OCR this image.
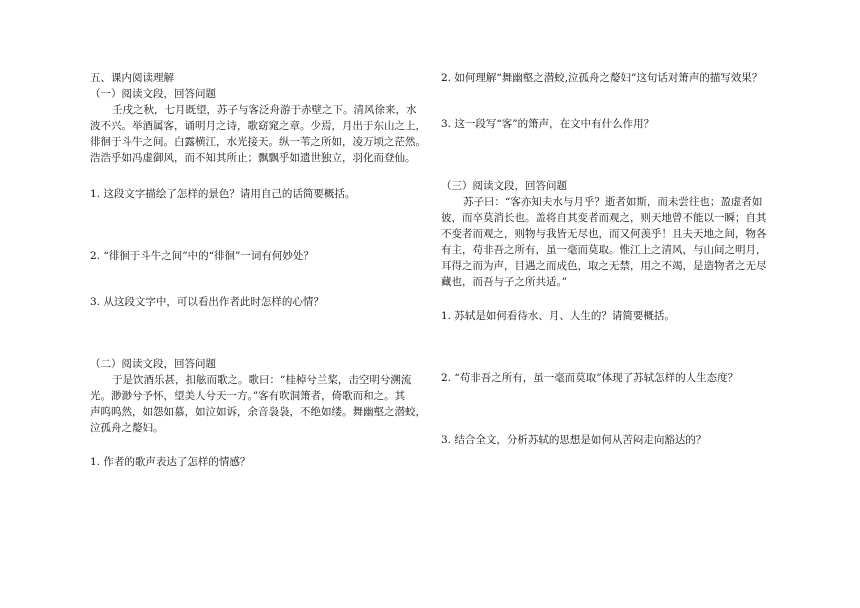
五、课内阅读理解
（一）阅读文段，回答问题
壬戌之秋，七月既望，苏子与客泛舟游于赤壁之下。清风徐来，水
波不兴。举酒属客，诵明月之诗，歌窈窕之章。少焉，月出于东山之上，
徘徊于斗牛之间。白露横江，水光接天。纵一苇之所如，凌万顷之茫然。
浩浩乎如冯虚御风，而不知其所止；飘飘乎如遗世独立，羽化而登仙。
1. 这段文字描绘了怎样的景色？请用自己的话简要概括。
2. “徘徊于斗牛之间”中的“徘徊”一词有何妙处？
3. 从这段文字中，可以看出作者此时怎样的心情？
（二）阅读文段，回答问题
于是饮酒乐甚，扣舷而歌之。歌曰：“桂棹兮兰桨，击空明兮溯流
光。渺渺兮予怀，望美人兮天一方。”客有吹洞箫者，倚歌而和之。其
声呜呜然，如怨如慕，如泣如诉，余音袅袅，不绝如缕。舞幽壑之潜蛟，
泣孤舟之嫠妇。
1. 作者的歌声表达了怎样的情感？
2. 如何理解“舞幽壑之潜蛟,泣孤舟之嫠妇”这句话对箫声的描写效果？
3. 这一段写“客”的箫声，在文中有什么作用？
（三）阅读文段，回答问题
苏子曰：“客亦知夫水与月乎？逝者如斯，而未尝往也；盈虚者如
彼，而卒莫消长也。盖将自其变者而观之，则天地曾不能以一瞬；自其
不变者而观之，则物与我皆无尽也，而又何羡乎！且夫天地之间，物各
有主，苟非吾之所有，虽一毫而莫取。惟江上之清风，与山间之明月，
耳得之而为声，目遇之而成色，取之无禁，用之不竭，是造物者之无尽
藏也，而吾与子之所共适。”
1. 苏轼是如何看待水、月、人生的？请简要概括。
2. “苟非吾之所有，虽一毫而莫取”体现了苏轼怎样的人生态度？
3. 结合全文，分析苏轼的思想是如何从苦闷走向豁达的？
